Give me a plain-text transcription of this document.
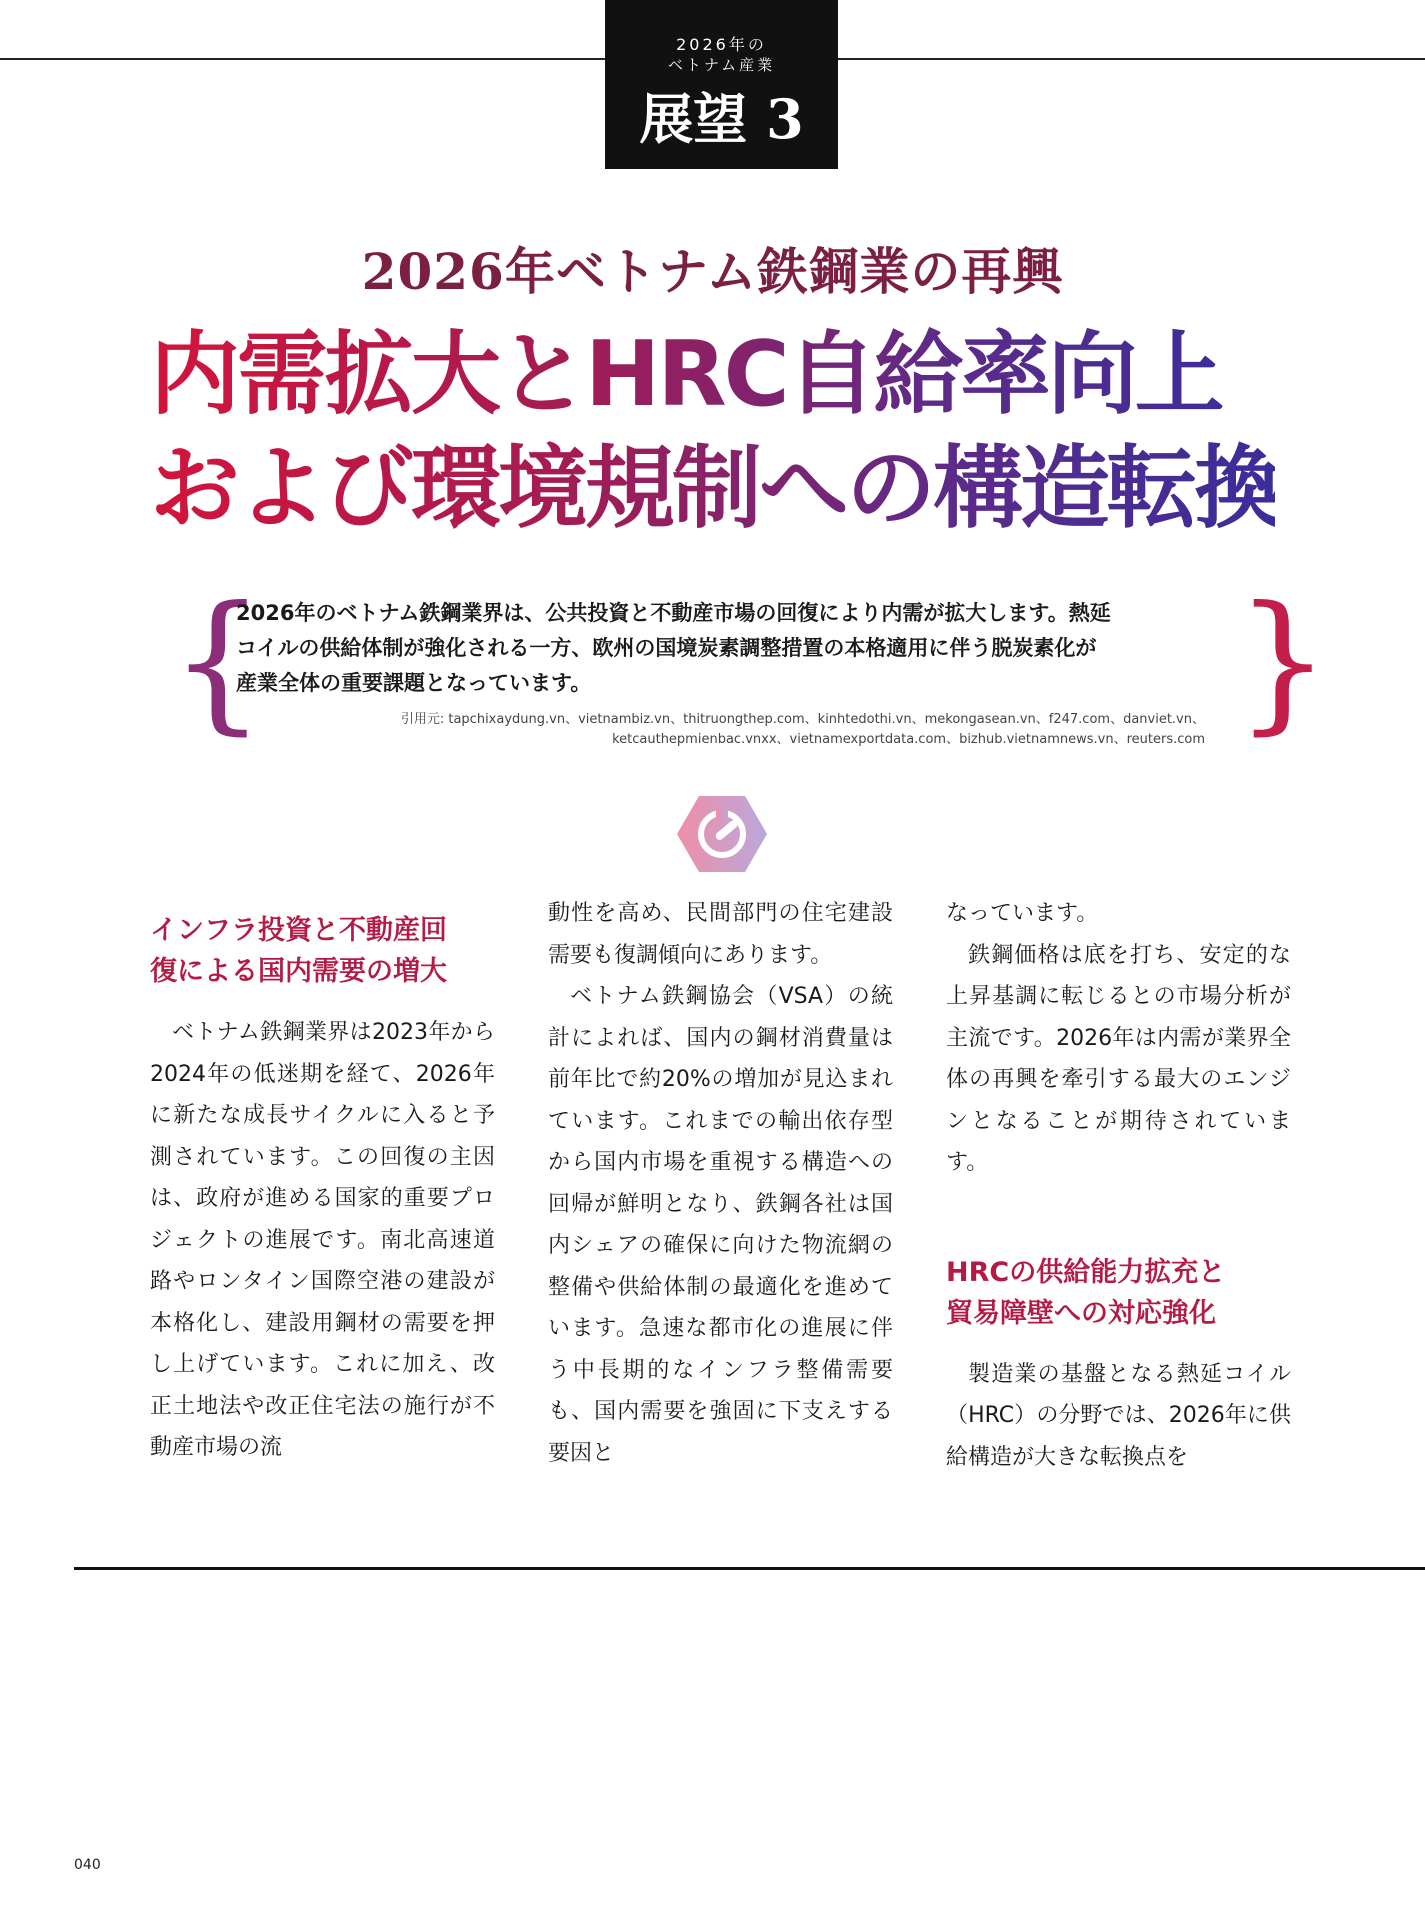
2026年の
ベトナム産業
展望 3
2026年ベトナム鉄鋼業の再興
内需拡大とHRC自給率向上
および環境規制への構造転換
{	}
2026年のベトナム鉄鋼業界は、公共投資と不動産市場の回復により内需が拡大します。熱延
コイルの供給体制が強化される一方、欧州の国境炭素調整措置の本格適用に伴う脱炭素化が
産業全体の重要課題となっています。
引用元: tapchixaydung.vn、vietnambiz.vn、thitruongthep.com、kinhtedothi.vn、mekongasean.vn、f247.com、danviet.vn、
ketcauthepmienbac.vnxx、vietnamexportdata.com、bizhub.vietnamnews.vn、reuters.com
インフラ投資と不動産回
復による国内需要の増大

ベトナム鉄鋼業界は2023年から2024年の低迷期を経て、2026年に新たな成長サイクルに入ると予測されています。この回復の主因は、政府が進める国家的重要プロジェクトの進展です。南北高速道路やロンタイン国際空港の建設が本格化し、建設用鋼材の需要を押し上げています。これに加え、改正土地法や改正住宅法の施行が不動産市場の流

動性を高め、民間部門の住宅建設需要も復調傾向にあります。

ベトナム鉄鋼協会（VSA）の統計によれば、国内の鋼材消費量は前年比で約20%の増加が見込まれています。これまでの輸出依存型から国内市場を重視する構造への回帰が鮮明となり、鉄鋼各社は国内シェアの確保に向けた物流網の整備や供給体制の最適化を進めています。急速な都市化の進展に伴う中長期的なインフラ整備需要も、国内需要を強固に下支えする要因と

なっています。

鉄鋼価格は底を打ち、安定的な上昇基調に転じるとの市場分析が主流です。2026年は内需が業界全体の再興を牽引する最大のエンジンとなることが期待されています。

HRCの供給能力拡充と
貿易障壁への対応強化

製造業の基盤となる熱延コイル（HRC）の分野では、2026年に供給構造が大きな転換点を

040
